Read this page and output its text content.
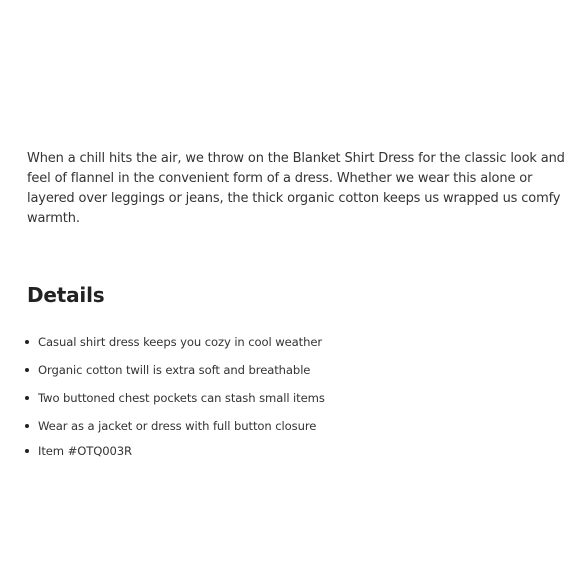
When a chill hits the air, we throw on the Blanket Shirt Dress for the classic look and feel of flannel in the convenient form of a dress. Whether we wear this alone or layered over leggings or jeans, the thick organic cotton keeps us wrapped us comfy warmth.

Details
Casual shirt dress keeps you cozy in cool weather
Organic cotton twill is extra soft and breathable
Two buttoned chest pockets can stash small items
Wear as a jacket or dress with full button closure
Item #OTQ003R
